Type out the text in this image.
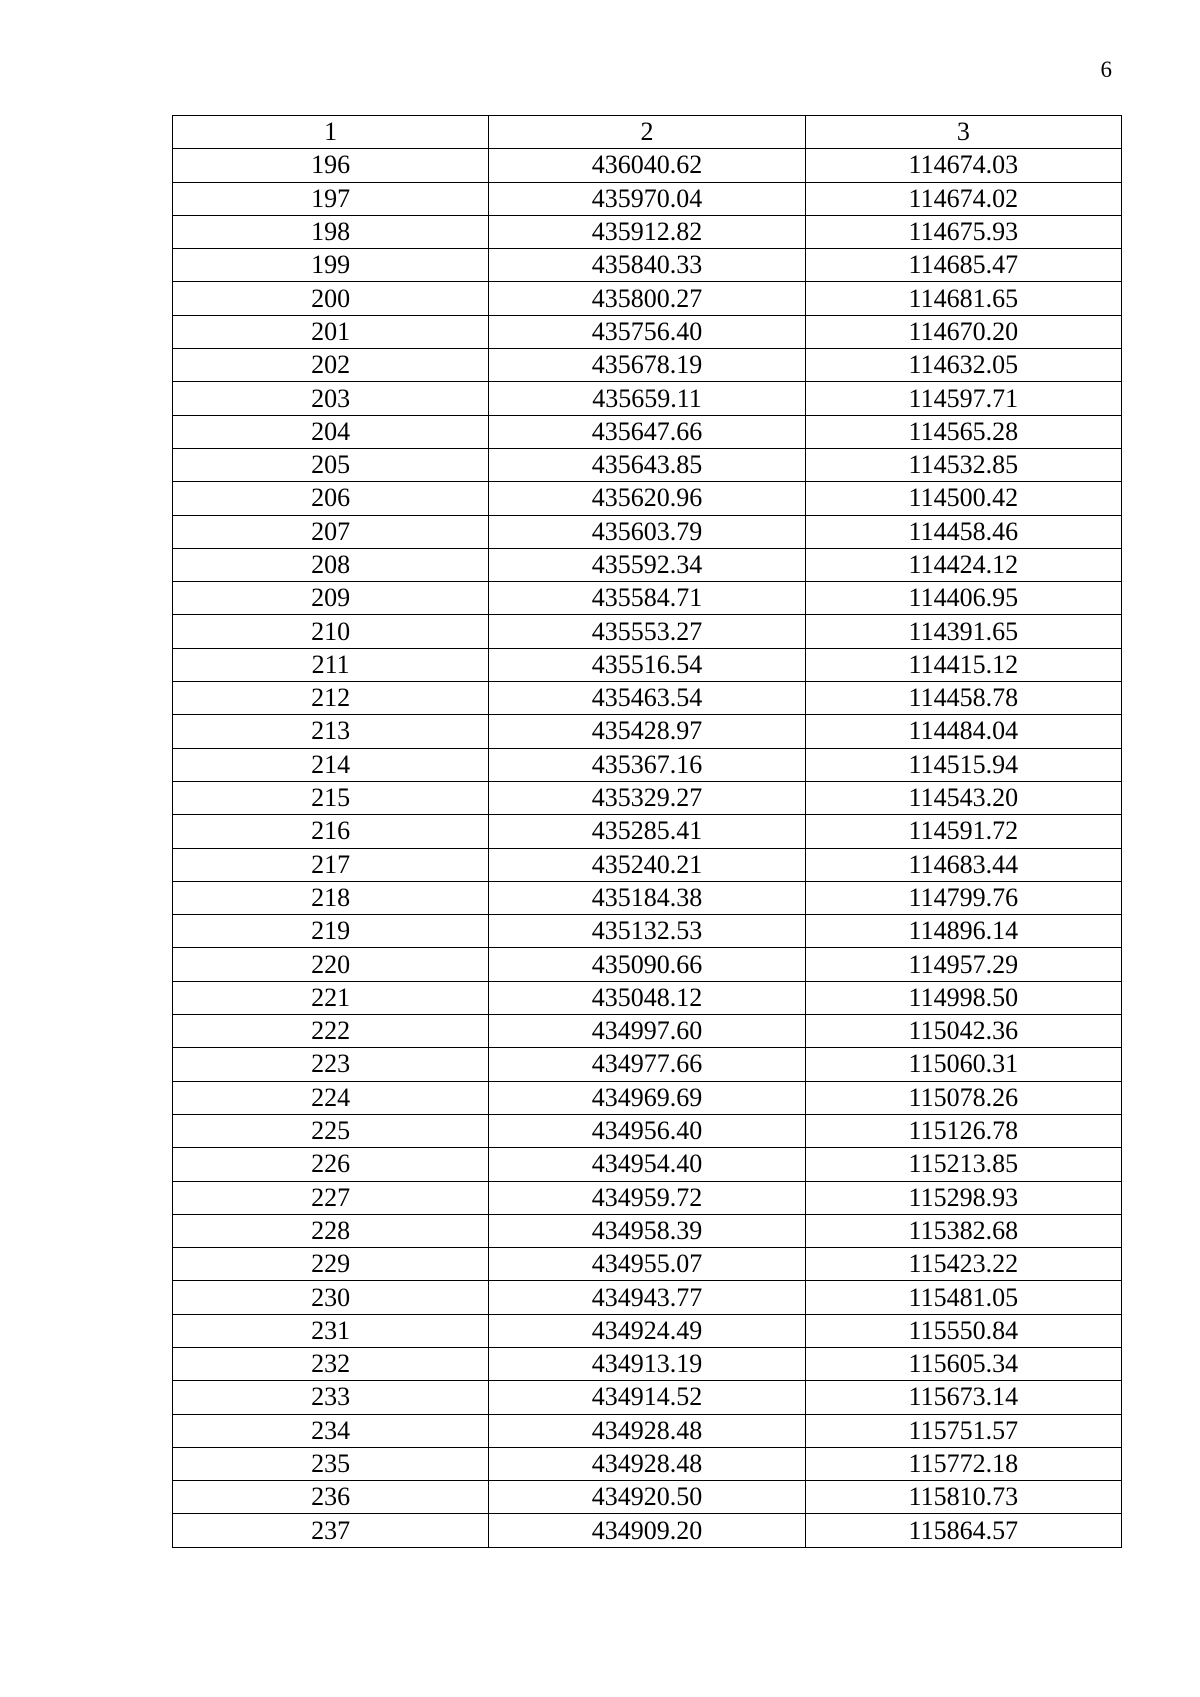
6
1	2	3
196	436040.62	114674.03
197	435970.04	114674.02
198	435912.82	114675.93
199	435840.33	114685.47
200	435800.27	114681.65
201	435756.40	114670.20
202	435678.19	114632.05
203	435659.11	114597.71
204	435647.66	114565.28
205	435643.85	114532.85
206	435620.96	114500.42
207	435603.79	114458.46
208	435592.34	114424.12
209	435584.71	114406.95
210	435553.27	114391.65
211	435516.54	114415.12
212	435463.54	114458.78
213	435428.97	114484.04
214	435367.16	114515.94
215	435329.27	114543.20
216	435285.41	114591.72
217	435240.21	114683.44
218	435184.38	114799.76
219	435132.53	114896.14
220	435090.66	114957.29
221	435048.12	114998.50
222	434997.60	115042.36
223	434977.66	115060.31
224	434969.69	115078.26
225	434956.40	115126.78
226	434954.40	115213.85
227	434959.72	115298.93
228	434958.39	115382.68
229	434955.07	115423.22
230	434943.77	115481.05
231	434924.49	115550.84
232	434913.19	115605.34
233	434914.52	115673.14
234	434928.48	115751.57
235	434928.48	115772.18
236	434920.50	115810.73
237	434909.20	115864.57
